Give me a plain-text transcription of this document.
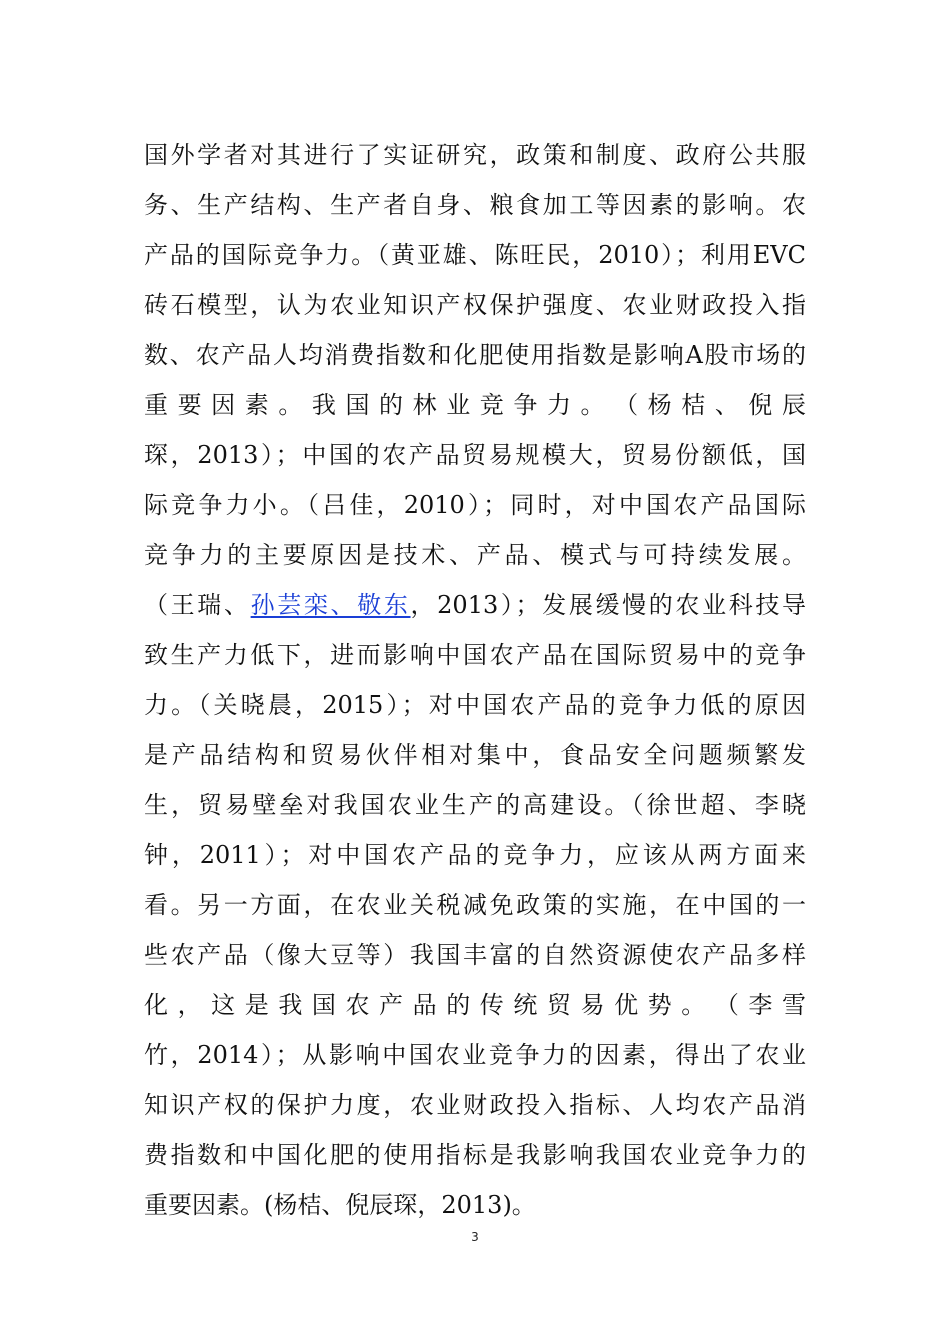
国外学者对其进行了实证研究，政策和制度、政府公共服
务、生产结构、生产者自身、粮食加工等因素的影响。农
产品的国际竞争力。（黄亚雄、陈旺民，2010）；利用EVC
砖石模型，认为农业知识产权保护强度、农业财政投入指
数、农产品人均消费指数和化肥使用指数是影响A股市场的
重 要 因 素 。 我 国 的 林 业 竞 争 力 。 （ 杨 桔 、 倪 辰
琛，2013）；中国的农产品贸易规模大，贸易份额低，国
际竞争力小。（吕佳，2010）；同时，对中国农产品国际
竞争力的主要原因是技术、产品、模式与可持续发展。
（王瑞、孙芸栾、敬东，2013）；发展缓慢的农业科技导
致生产力低下，进而影响中国农产品在国际贸易中的竞争
力。（关晓晨，2015）；对中国农产品的竞争力低的原因
是产品结构和贸易伙伴相对集中，食品安全问题频繁发
生，贸易壁垒对我国农业生产的高建设。（徐世超、李晓
钟，2011）；对中国农产品的竞争力，应该从两方面来
看。另一方面，在农业关税减免政策的实施，在中国的一
些农产品（像大豆等）我国丰富的自然资源使农产品多样
化 ， 这 是 我 国 农 产 品 的 传 统 贸 易 优 势 。 （ 李 雪
竹，2014）；从影响中国农业竞争力的因素，得出了农业
知识产权的保护力度，农业财政投入指标、人均农产品消
费指数和中国化肥的使用指标是我影响我国农业竞争力的
重要因素。(杨桔、倪辰琛，2013)。
3
